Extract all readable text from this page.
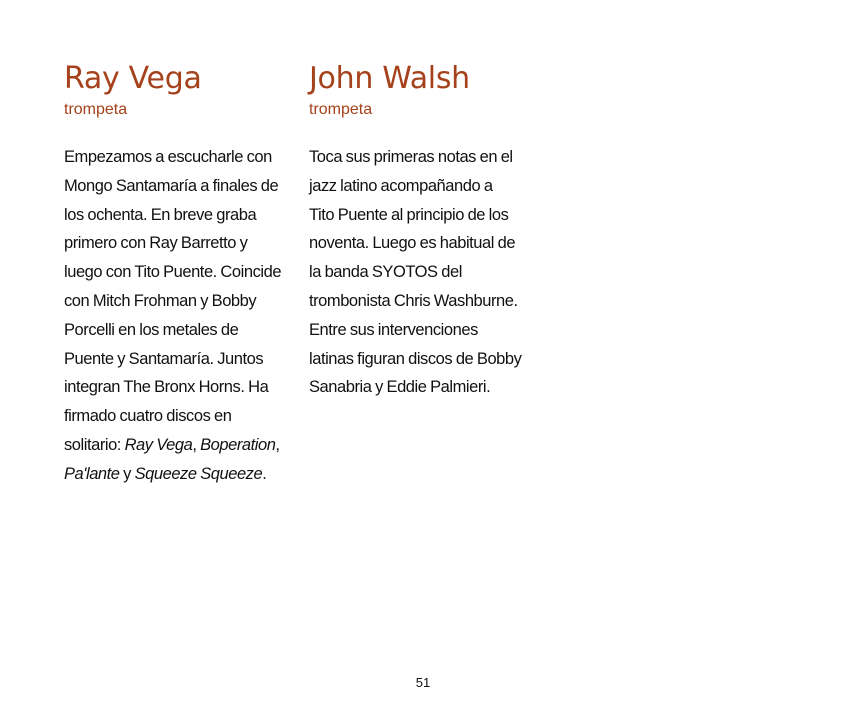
Ray Vega
trompeta

Empezamos a escucharle con
Mongo Santamaría a finales de
los ochenta. En breve graba
primero con Ray Barretto y
luego con Tito Puente. Coincide
con Mitch Frohman y Bobby
Porcelli en los metales de
Puente y Santamaría. Juntos
integran The Bronx Horns. Ha
firmado cuatro discos en
solitario: Ray Vega, Boperation,
Pa'lante y Squeeze Squeeze.

John Walsh
trompeta

Toca sus primeras notas en el
jazz latino acompañando a
Tito Puente al principio de los
noventa. Luego es habitual de
la banda SYOTOS del
trombonista Chris Washburne.
Entre sus intervenciones
latinas figuran discos de Bobby
Sanabria y Eddie Palmieri.

51
